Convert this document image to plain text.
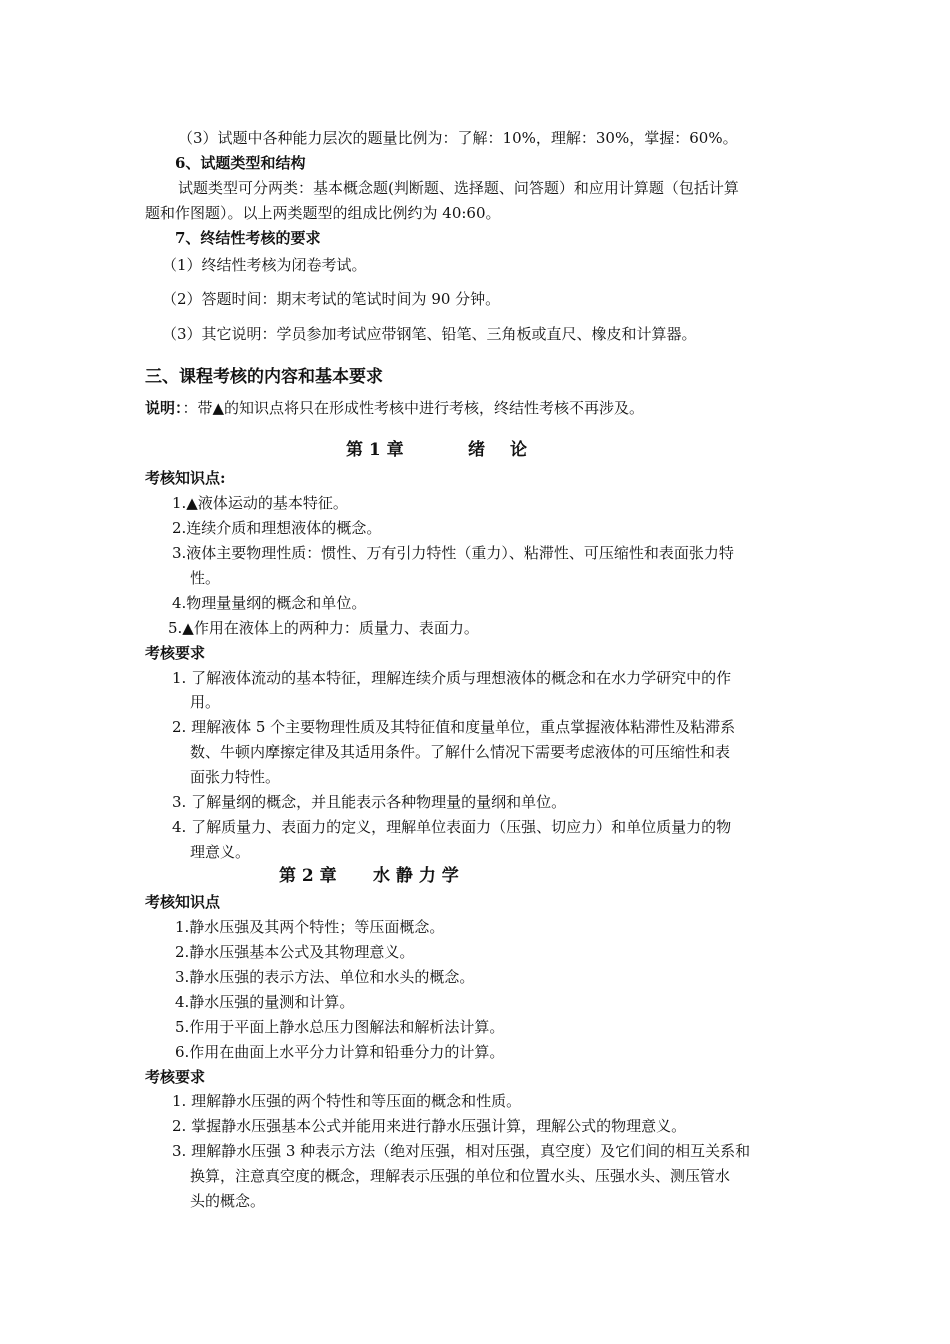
（3）试题中各种能力层次的题量比例为：了解：10%，理解：30%，掌握：60%。
6、试题类型和结构
试题类型可分两类：基本概念题(判断题、选择题、问答题）和应用计算题（包括计算
题和作图题）。以上两类题型的组成比例约为 40:60。
7、终结性考核的要求
（1）终结性考核为闭卷考试。
（2）答题时间：期末考试的笔试时间为 90 分钟。
（3）其它说明：学员参加考试应带钢笔、铅笔、三角板或直尺、橡皮和计算器。
三、课程考核的内容和基本要求
说明：：带▲的知识点将只在形成性考核中进行考核，终结性考核不再涉及。
第 1 章	绪　论
考核知识点:
1.▲液体运动的基本特征。
2.连续介质和理想液体的概念。
3.液体主要物理性质：惯性、万有引力特性（重力）、粘滞性、可压缩性和表面张力特
性。
4.物理量量纲的概念和单位。
5.▲作用在液体上的两种力：质量力、表面力。
考核要求
1. 了解液体流动的基本特征，理解连续介质与理想液体的概念和在水力学研究中的作
用。
2. 理解液体 5 个主要物理性质及其特征值和度量单位，重点掌握液体粘滞性及粘滞系
数、牛顿内摩擦定律及其适用条件。了解什么情况下需要考虑液体的可压缩性和表
面张力特性。
3. 了解量纲的概念，并且能表示各种物理量的量纲和单位。
4. 了解质量力、表面力的定义，理解单位表面力（压强、切应力）和单位质量力的物
理意义。
第 2 章 水 静 力 学
考核知识点
1.静水压强及其两个特性；等压面概念。
2.静水压强基本公式及其物理意义。
3.静水压强的表示方法、单位和水头的概念。
4.静水压强的量测和计算。
5.作用于平面上静水总压力图解法和解析法计算。
6.作用在曲面上水平分力计算和铅垂分力的计算。
考核要求
1. 理解静水压强的两个特性和等压面的概念和性质。
2. 掌握静水压强基本公式并能用来进行静水压强计算，理解公式的物理意义。
3. 理解静水压强 3 种表示方法（绝对压强，相对压强，真空度）及它们间的相互关系和
换算，注意真空度的概念，理解表示压强的单位和位置水头、压强水头、测压管水
头的概念。
